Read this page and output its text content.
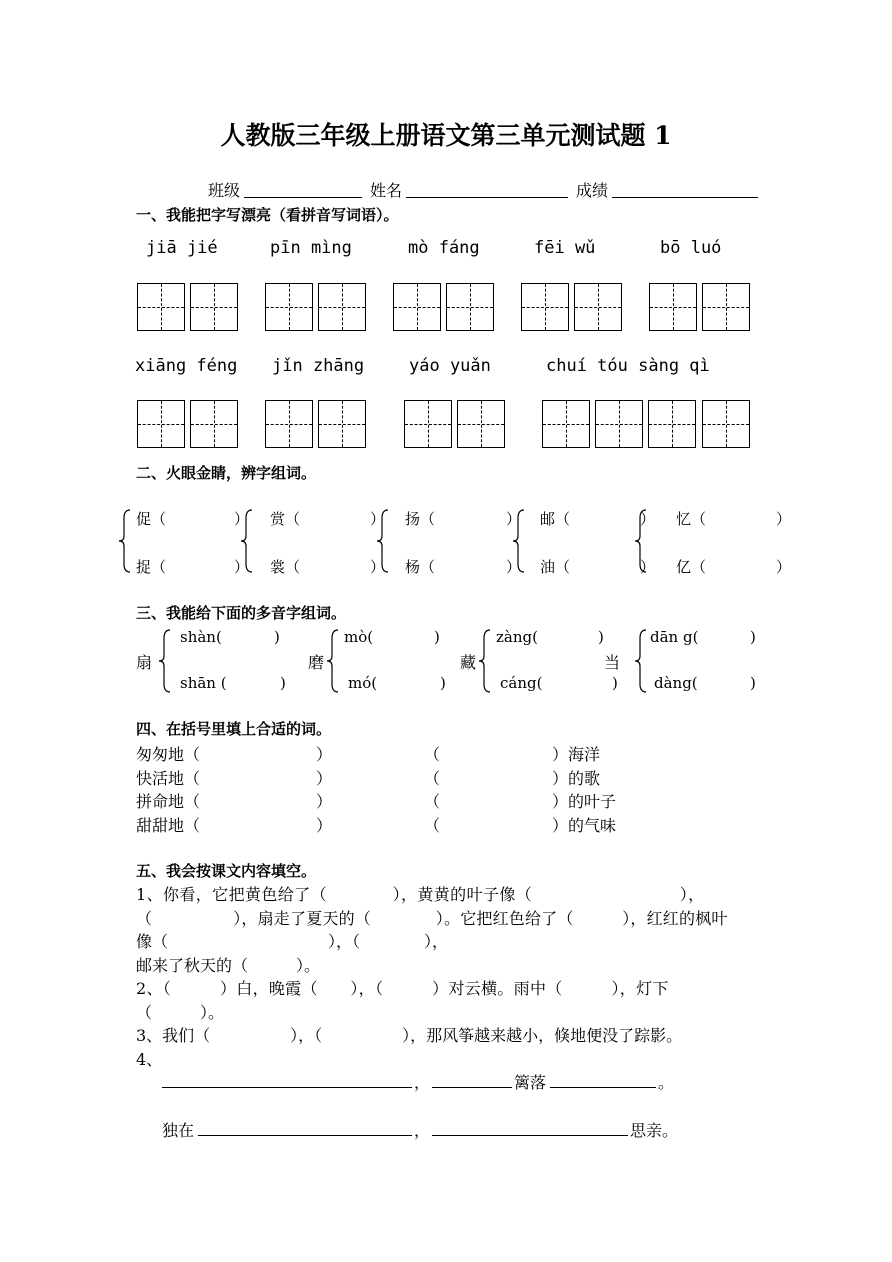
人教版三年级上册语文第三单元测试题 1
班级	姓名	成绩
一、我能把字写漂亮（看拼音写词语）。
jiā jié	pīn mìng	mò fáng	fēi wǔ	bō luó
xiāng féng jǐn zhāng	yáo yuǎn	chuí tóu sàng qì
二、火眼金睛，辨字组词。
促（	）
捉（	）
赏（	）
裳（	）
扬（	）
杨（	）
邮（	）
油（	）
忆（	）
亿（	）
三、我能给下面的多音字组词。
扇
shàn(	)
shān (	)
磨
mò(	)
mó(	)
藏
zàng(	)
cáng(	)
当
dān g(	)
dàng(	)
四、在括号里填上合适的词。
匆匆地（	）	（	）海洋
快活地（	）	（	）的歌
拼命地（	）	（	）的叶子
甜甜地（	）	（	）的气味
五、我会按课文内容填空。
1、你看，它把黄色给了（　　　　），黄黄的叶子像（　　　　　　　　　），
（　　　　　），扇走了夏天的（　　　　）。它把红色给了（　　　），红红的枫叶
像（　　　　　　　　　　），（　　　　），
邮来了秋天的（　　　）。
2、（　　　）白，晚霞（　　），（　　　）对云横。雨中（　　　），灯下
（　　　）。
3、我们（　　　　　），（　　　　　），那风筝越来越小，倏地便没了踪影。
4、
，	篱落	。
独在	，	思亲。
